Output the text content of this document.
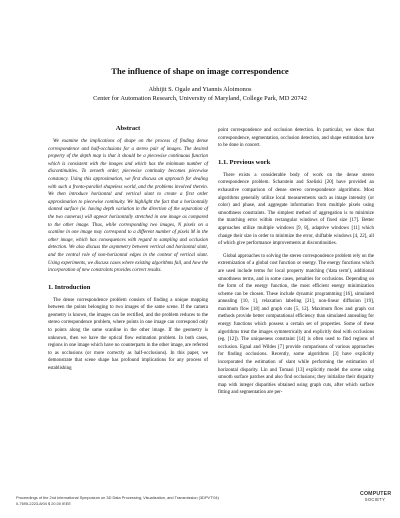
The influence of shape on image correspondence

Abhijit S. Ogale and Yiannis Aloimonos

Center for Automation Research, University of Maryland, College Park, MD 20742

Abstract

We examine the implications of shape on the process of finding dense correspondence and half-occlusions for a stereo pair of images. The desired property of the depth map is that it should be a piecewise continuous function which is consistent with the images and which has the minimum number of discontinuities. To zeroeth order, piecewise continuity becomes piecewise constancy. Using this approximation, we first discuss an approach for dealing with such a fronto-parallel shapeless world, and the problems involved therein. We then introduce horizontal and vertical slant to create a first order approximation to piecewise continuity. We highlight the fact that a horizontally slanted surface (ie. having depth variation in the direction of the separation of the two cameras) will appear horizontally stretched in one image as compared to the other image. Thus, while corresponding two images, N pixels on a scanline in one image may correspond to a different number of pixels M in the other image, which has consequences with regard to sampling and occlusion detection. We also discuss the asymmetry between vertical and horizontal slant, and the central role of non-horizontal edges in the context of vertical slant. Using experiments, we discuss cases where existing algorithms fail, and how the incorporation of new constraints provides correct results.

1. Introduction

The dense correspondence problem consists of finding a unique mapping between the points belonging to two images of the same scene. If the camera geometry is known, the images can be rectified, and the problem reduces to the stereo correspondence problem, where points in one image can correspond only to points along the same scanline in the other image. If the geometry is unknown, then we have the optical flow estimation problem. In both cases, regions in one image which have no counterparts in the other image, are referred to as occlusions (or more correctly as half-occlusions). In this paper, we demonstrate that scene shape has profound implications for any process of establishing

point correspondence and occlusion detection. In particular, we show that correspondence, segmentation, occlusion detection, and shape estimation have to be done in concert.

1.1. Previous work

There exists a considerable body of work on the dense stereo correspondence problem. Scharstein and Szeliski [20] have provided an exhaustive comparison of dense stereo correspondence algorithms. Most algorithms generally utilize local measurements such as image intensity (or color) and phase, and aggregate information from multiple pixels using smoothness constraints. The simplest method of aggregation is to minimize the matching error within rectangular windows of fixed size [17]. Better approaches utilize multiple windows [9, 8], adaptive windows [11] which change their size in order to minimize the error, shiftable windows [4, 22], all of which give performance improvements at discontinuities.

Global approaches to solving the stereo correspondence problem rely on the extremization of a global cost function or energy. The energy functions which are used include terms for local property matching ('data term'), additional smoothness terms, and in some cases, penalties for occlusions. Depending on the form of the energy function, the most efficient energy minimization scheme can be chosen. These include dynamic programming [16], simulated annealing [10, 1], relaxation labeling [21], non-linear diffusion [19], maximum flow [18] and graph cuts [5, 12]. Maximum flow and graph cut methods provide better computational efficiency than simulated annealing for energy functions which possess a certain set of properties. Some of these algorithms treat the images symmetrically and explicitly deal with occlusions (eg. [12]). The uniqueness constraint [14] is often used to find regions of occlusion. Egnal and Wildes [7] provide comparisons of various approaches for finding occlusions. Recently, some algorithms [3] have explicitly incorporated the estimation of slant while performing the estimation of horizontal disparity. Lin and Tomasi [13] explicitly model the scene using smooth surface patches and also find occlusions; they initialize their disparity map with integer disparities obtained using graph cuts, after which surface fitting and segmentation are per-

Proceedings of the 2nd International Symposium on 3D Data Processing, Visualization, and Transmission (3DPVT'04)
0-7695-2223-8/04 $ 20.00 IEEE
COMPUTER
SOCIETY
